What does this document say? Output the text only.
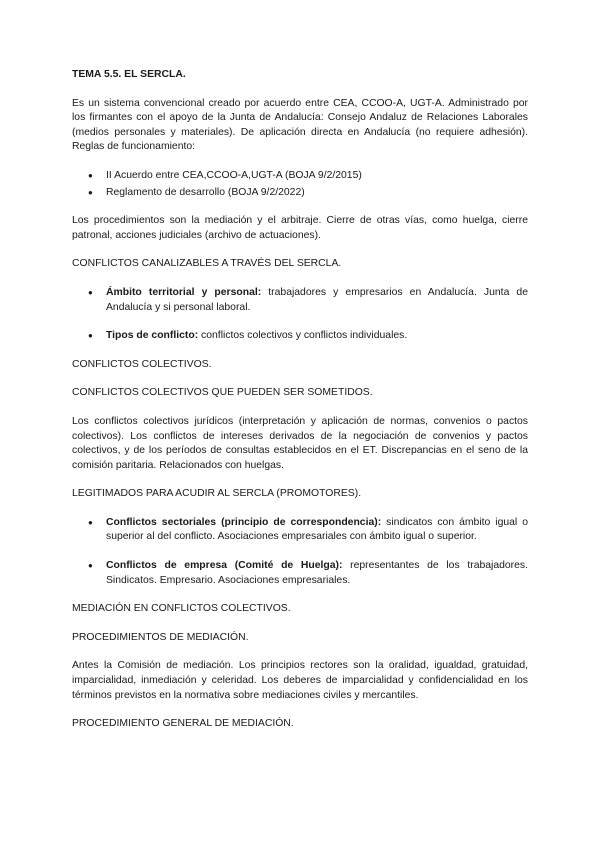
TEMA 5.5. EL SERCLA.

Es un sistema convencional creado por acuerdo entre CEA, CCOO-A, UGT-A. Administrado por los firmantes con el apoyo de la Junta de Andalucía: Consejo Andaluz de Relaciones Laborales (medios personales y materiales). De aplicación directa en Andalucía (no requiere adhesión). Reglas de funcionamiento:

● II Acuerdo entre CEA,CCOO-A,UGT-A (BOJA 9/2/2015)
● Reglamento de desarrollo (BOJA 9/2/2022)

Los procedimientos son la mediación y el arbitraje. Cierre de otras vías, como huelga, cierre patronal, acciones judiciales (archivo de actuaciones).

CONFLICTOS CANALIZABLES A TRAVÉS DEL SERCLA.
● Ámbito territorial y personal: trabajadores y empresarios en Andalucía. Junta de Andalucía y si personal laboral.
● Tipos de conflicto: conflictos colectivos y conflictos individuales.
CONFLICTOS COLECTIVOS.
CONFLICTOS COLECTIVOS QUE PUEDEN SER SOMETIDOS.

Los conflictos colectivos jurídicos (interpretación y aplicación de normas, convenios o pactos colectivos). Los conflictos de intereses derivados de la negociación de convenios y pactos colectivos, y de los períodos de consultas establecidos en el ET. Discrepancias en el seno de la comisión paritaria. Relacionados con huelgas.

LEGITIMADOS PARA ACUDIR AL SERCLA (PROMOTORES).
● Conflictos sectoriales (principio de correspondencia): sindicatos con ámbito igual o superior al del conflicto. Asociaciones empresariales con ámbito igual o superior.
● Conflictos de empresa (Comité de Huelga): representantes de los trabajadores. Sindicatos. Empresario. Asociaciones empresariales.
MEDIACIÓN EN CONFLICTOS COLECTIVOS.
PROCEDIMIENTOS DE MEDIACIÓN.

Antes la Comisión de mediación. Los principios rectores son la oralidad, igualdad, gratuidad, imparcialidad, inmediación y celeridad. Los deberes de imparcialidad y confidencialidad en los términos previstos en la normativa sobre mediaciones civiles y mercantiles.

PROCEDIMIENTO GENERAL DE MEDIACIÓN.
